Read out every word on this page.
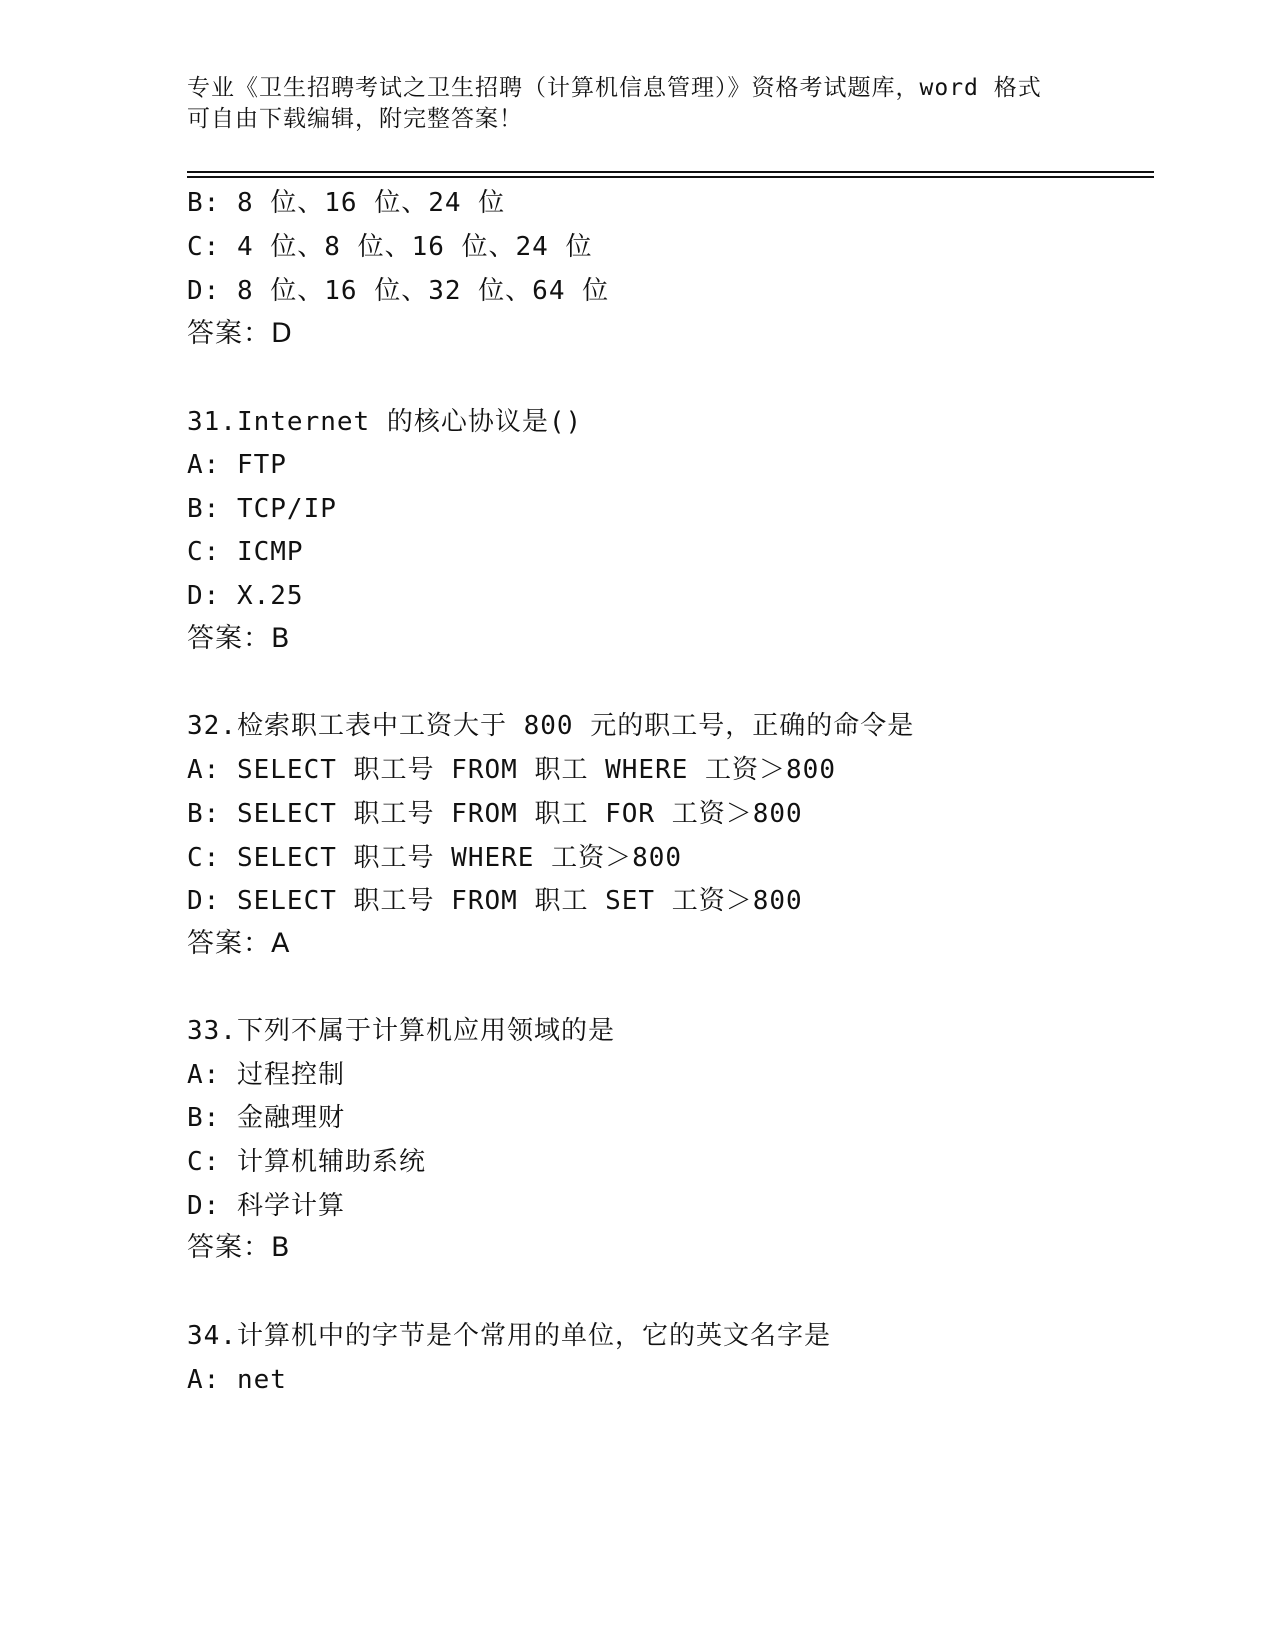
专业《卫生招聘考试之卫生招聘（计算机信息管理）》资格考试题库，word 格式
可自由下载编辑，附完整答案！
B: 8 位、16 位、24 位
C: 4 位、8 位、16 位、24 位
D: 8 位、16 位、32 位、64 位
答案：D
31.Internet 的核心协议是()
A: FTP
B: TCP/IP
C: ICMP
D: X.25
答案：B
32.检索职工表中工资大于 800 元的职工号，正确的命令是
A: SELECT 职工号 FROM 职工 WHERE 工资＞800
B: SELECT 职工号 FROM 职工 FOR 工资＞800
C: SELECT 职工号 WHERE 工资＞800
D: SELECT 职工号 FROM 职工 SET 工资＞800
答案：A
33.下列不属于计算机应用领域的是
A: 过程控制
B: 金融理财
C: 计算机辅助系统
D: 科学计算
答案：B
34.计算机中的字节是个常用的单位，它的英文名字是
A: net
